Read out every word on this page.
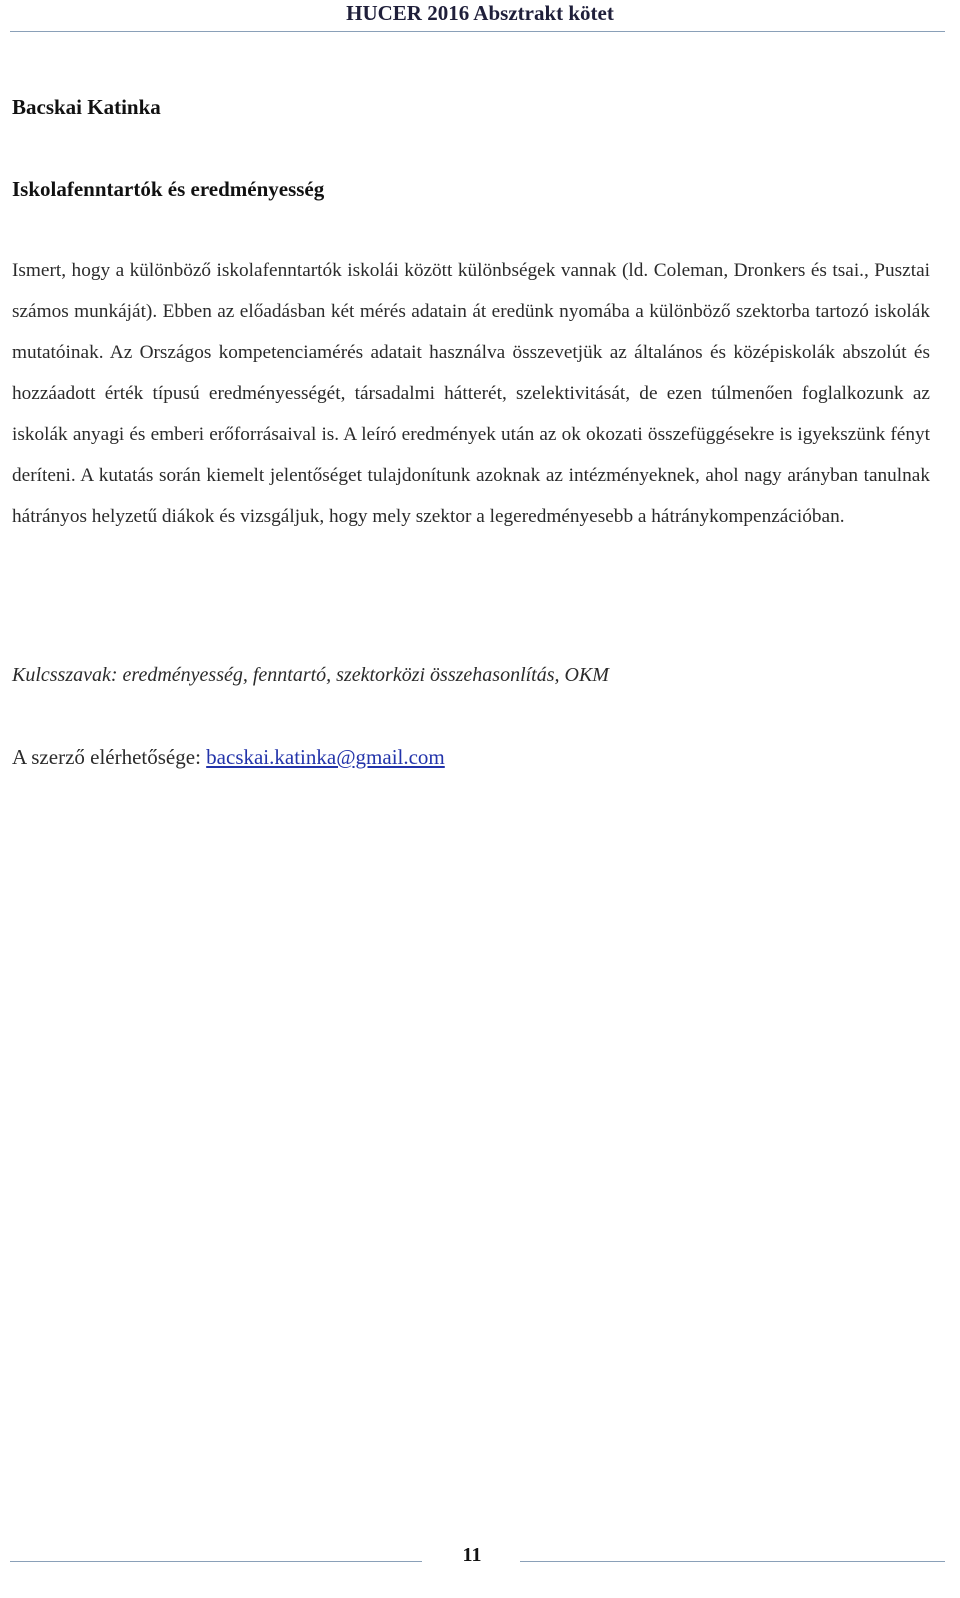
HUCER 2016 Absztrakt kötet
Bacskai Katinka
Iskolafenntartók és eredményesség

Ismert, hogy a különböző iskolafenntartók iskolái között különbségek vannak (ld. Coleman, Dronkers és tsai., Pusztai számos munkáját). Ebben az előadásban két mérés adatain át eredünk nyomába a különböző szektorba tartozó iskolák mutatóinak. Az Országos kompetenciamérés adatait használva összevetjük az általános és középiskolák abszolút és hozzáadott érték típusú eredményességét, társadalmi hátterét, szelektivitását, de ezen túlmenően foglalkozunk az iskolák anyagi és emberi erőforrásaival is. A leíró eredmények után az ok okozati összefüggésekre is igyekszünk fényt deríteni. A kutatás során kiemelt jelentőséget tulajdonítunk azoknak az intézményeknek, ahol nagy arányban tanulnak hátrányos helyzetű diákok és vizsgáljuk, hogy mely szektor a legeredményesebb a hátránykompenzációban.

Kulcsszavak: eredményesség, fenntartó, szektorközi összehasonlítás, OKM
A szerző elérhetősége: bacskai.katinka@gmail.com
11
